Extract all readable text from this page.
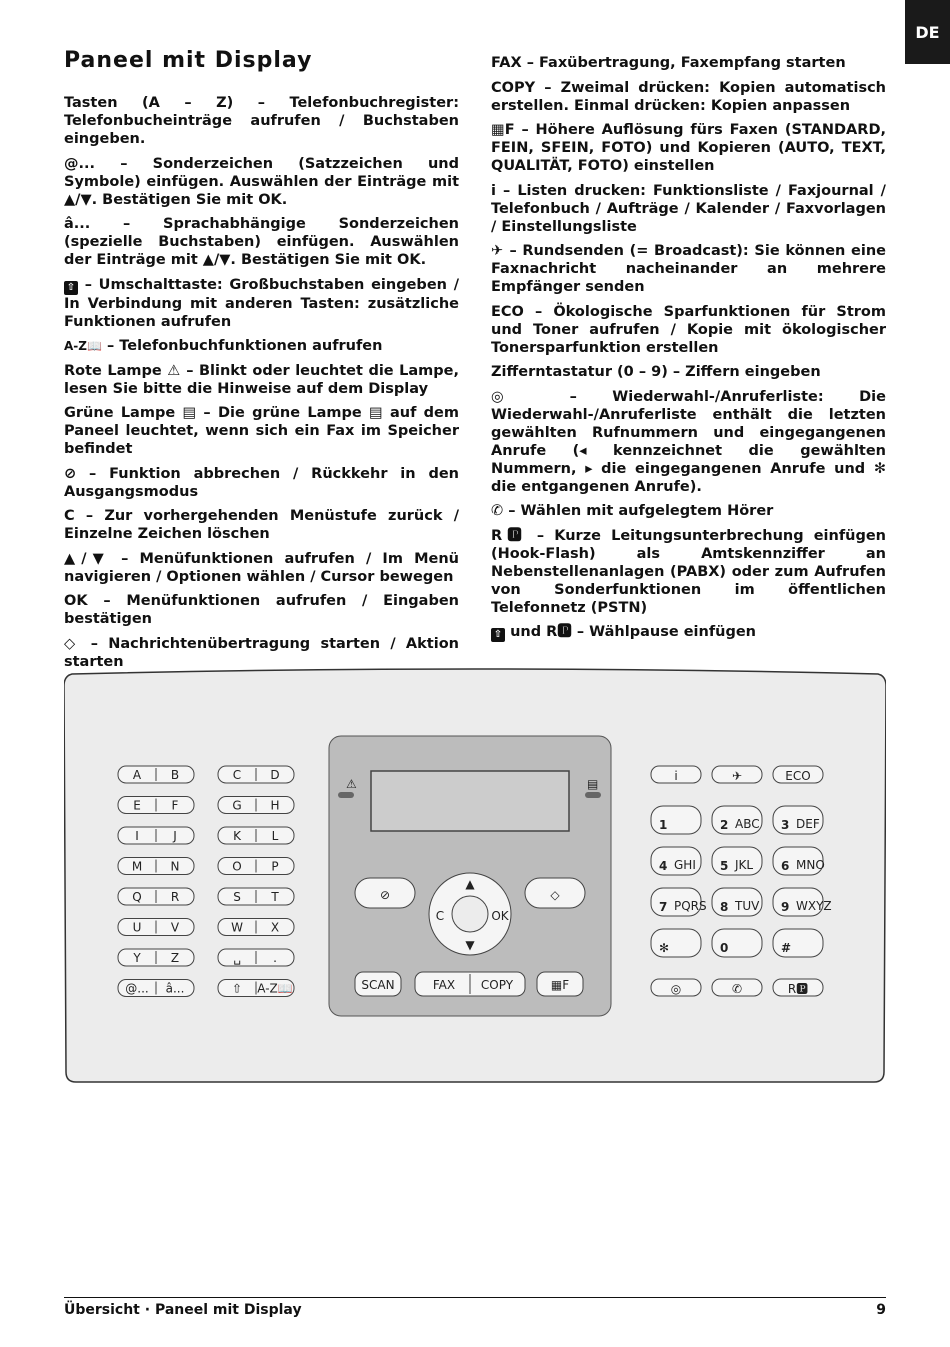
DE
Paneel mit Display

Tasten (A – Z) – Telefonbuchregister: Telefonbucheinträge aufrufen / Buchstaben eingeben.

@... – Sonderzeichen (Satzzeichen und Symbole) einfügen. Auswählen der Einträge mit ▲/▼. Bestätigen Sie mit OK.

â... – Sprachabhängige Sonderzeichen (spezielle Buchstaben) einfügen. Auswählen der Einträge mit ▲/▼. Bestätigen Sie mit OK.

⇧ – Umschalttaste: Großbuchstaben eingeben / In Verbindung mit anderen Tasten: zusätzliche Funktionen aufrufen

A-Z📖 – Telefonbuchfunktionen aufrufen

Rote Lampe ⚠ – Blinkt oder leuchtet die Lampe, lesen Sie bitte die Hinweise auf dem Display

Grüne Lampe ▤ – Die grüne Lampe ▤ auf dem Paneel leuchtet, wenn sich ein Fax im Speicher befindet

⊘ – Funktion abbrechen / Rückkehr in den Ausgangsmodus

C – Zur vorhergehenden Menüstufe zurück / Einzelne Zeichen löschen

▲/▼ – Menüfunktionen aufrufen / Im Menü navigieren / Optionen wählen / Cursor bewegen

OK – Menüfunktionen aufrufen / Eingaben bestätigen

◇ – Nachrichtenübertragung starten / Aktion starten

FAX – Faxübertragung, Faxempfang starten

COPY – Zweimal drücken: Kopien automatisch erstellen. Einmal drücken: Kopien anpassen

▦F – Höhere Auflösung fürs Faxen (STANDARD, FEIN, SFEIN, FOTO) und Kopieren (AUTO, TEXT, QUALITÄT, FOTO) einstellen

i – Listen drucken: Funktionsliste / Faxjournal / Telefonbuch / Aufträge / Kalender / Faxvorlagen / Einstellungsliste

✈ – Rundsenden (= Broadcast): Sie können eine Faxnachricht nacheinander an mehrere Empfänger senden

ECO – Ökologische Sparfunktionen für Strom und Toner aufrufen / Kopie mit ökologischer Tonersparfunktion erstellen

Zifferntastatur (0 – 9) – Ziffern eingeben

◎ – Wiederwahl-/Anruferliste: Die Wiederwahl-/Anruferliste enthält die letzten gewählten Rufnummern und eingegangenen Anrufe (◂ kennzeichnet die gewählten Nummern, ▸ die eingegangenen Anrufe und ✻ die entgangenen Anrufe).

✆ – Wählen mit aufgelegtem Hörer

R🅿 – Kurze Leitungsunterbrechung einfügen (Hook-Flash) als Amtskennziffer an Nebenstellenanlagen (PABX) oder zum Aufrufen von Sonderfunktionen im öffentlichen Telefonnetz (PSTN)

⇧ und R🅿 – Wählpause einfügen

⚠	▤
A B	C D
E	F	G H
I	J	K	L
M N	O P
Q R	S	T
U V	W X
Y	Z	␣	.
@... â...	⇧ A-Z📖
⊘	◇
▲
▼
C	OK
SCAN	FAX COPY	▦F
i	✈	ECO
1	2 ABC 3 DEF
4 GHI 5 JKL 6 MNO
7 PQRS 8 TUV 9 WXYZ
✻	0	#
◎	✆	R🅿
Übersicht · Paneel mit Display	9
